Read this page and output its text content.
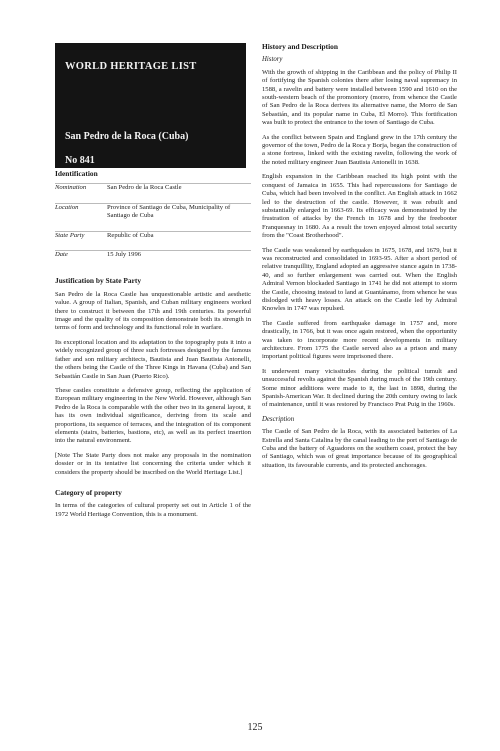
WORLD HERITAGE LIST
San Pedro de la Roca (Cuba)
No 841
Identification
Nomination	San Pedro de la Roca Castle
Location	Province of Santiago de Cuba, Municipality of Santiago de Cuba
State Party	Republic of Cuba
Date	15 July 1996
Justification by State Party

San Pedro de la Roca Castle has unquestionable artistic and aesthetic value. A group of Italian, Spanish, and Cuban military engineers worked there to construct it between the 17th and 19th centuries. Its powerful image and the quality of its composition demonstrate both its strength in terms of form and technology and its functional role in warfare.

Its exceptional location and its adaptation to the topography puts it into a widely recognized group of three such fortresses designed by the famous father and son military architects, Bautista and Juan Bautista Antonelli, the others being the Castle of the Three Kings in Havana (Cuba) and San Sebastián Castle in San Juan (Puerto Rico).

These castles constitute a defensive group, reflecting the application of European military engineering in the New World. However, although San Pedro de la Roca is comparable with the other two in its general layout, it has its own individual significance, deriving from its scale and proportions, its sequence of terraces, and the integration of its component elements (stairs, batteries, bastions, etc), as well as its perfect insertion into the natural environment.

[Note The State Party does not make any proposals in the nomination dossier or in its tentative list concerning the criteria under which it considers the property should be inscribed on the World Heritage List.]

Category of property

In terms of the categories of cultural property set out in Article 1 of the 1972 World Heritage Convention, this is a monument.

History and Description
History

With the growth of shipping in the Caribbean and the policy of Philip II of fortifying the Spanish colonies there after losing naval supremacy in 1588, a ravelin and battery were installed between 1590 and 1610 on the south-western beach of the promontory (morro, from whence the Castle of San Pedro de la Roca derives its alternative name, the Morro de San Sebastián, and its popular name in Cuba, El Morro). This fortification was built to protect the entrance to the town of Santiago de Cuba.

As the conflict between Spain and England grew in the 17th century the governor of the town, Pedro de la Roca y Borja, began the construction of a stone fortress, linked with the existing ravelin, following the work of the noted military engineer Juan Bautista Antonelli in 1638.

English expansion in the Caribbean reached its high point with the conquest of Jamaica in 1655. This had repercussions for Santiago de Cuba, which had been involved in the conflict. An English attack in 1662 led to the destruction of the castle. However, it was rebuilt and substantially enlarged in 1663-69. Its efficacy was demonstrated by the frustration of attacks by the French in 1678 and by the freebooter Franquesnay in 1680. As a result the town enjoyed almost total security from the "Coast Brotherhood".

The Castle was weakened by earthquakes in 1675, 1678, and 1679, but it was reconstructed and consolidated in 1693-95. After a short period of relative tranquillity, England adopted an aggressive stance again in 1738-40, and so further enlargement was carried out. When the English Admiral Vernon blockaded Santiago in 1741 he did not attempt to storm the Castle, choosing instead to land at Guantánamo, from whence he was dislodged with heavy losses. An attack on the Castle led by Admiral Knowles in 1747 was repulsed.

The Castle suffered from earthquake damage in 1757 and, more drastically, in 1766, but it was once again restored, when the opportunity was taken to incorporate more recent developments in military architecture. From 1775 the Castle served also as a prison and many important political figures were imprisoned there.

It underwent many vicissitudes during the political tumult and unsuccessful revolts against the Spanish during much of the 19th century. Some minor additions were made to it, the last in 1898, during the Spanish-American War. It declined during the 20th century owing to lack of maintenance, until it was restored by Francisco Prat Puig in the 1960s.

Description

The Castle of San Pedro de la Roca, with its associated batteries of La Estrella and Santa Catalina by the canal leading to the port of Santiago de Cuba and the battery of Aguadores on the southern coast, protect the bay of Santiago, which was of great importance because of its geographical situation, its favourable currents, and its protected anchorages.

125
